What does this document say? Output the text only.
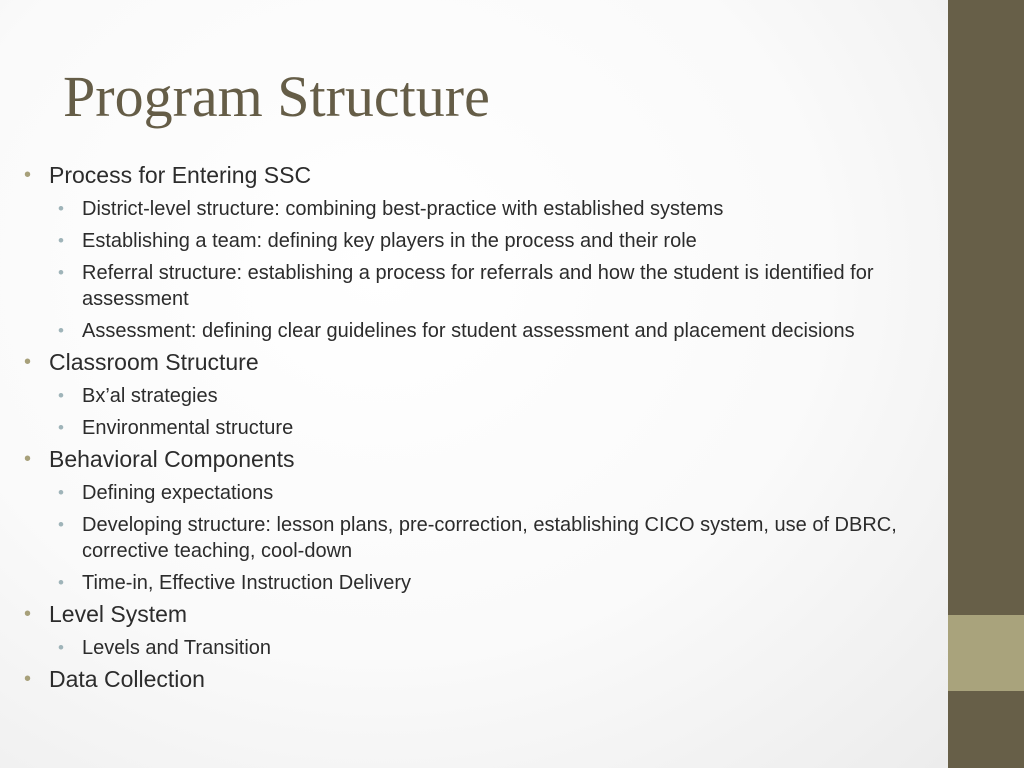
Program Structure
• Process for Entering SSC
• District-level structure: combining best-practice with established systems
• Establishing a team: defining key players in the process and their role
• Referral structure: establishing a process for referrals and how the student is identified for assessment
• Assessment: defining clear guidelines for student assessment and placement decisions
• Classroom Structure
• Bx’al strategies
• Environmental structure
• Behavioral Components
• Defining expectations
• Developing structure: lesson plans, pre-correction, establishing CICO system, use of DBRC, corrective teaching, cool-down
• Time-in, Effective Instruction Delivery
• Level System
• Levels and Transition
• Data Collection
